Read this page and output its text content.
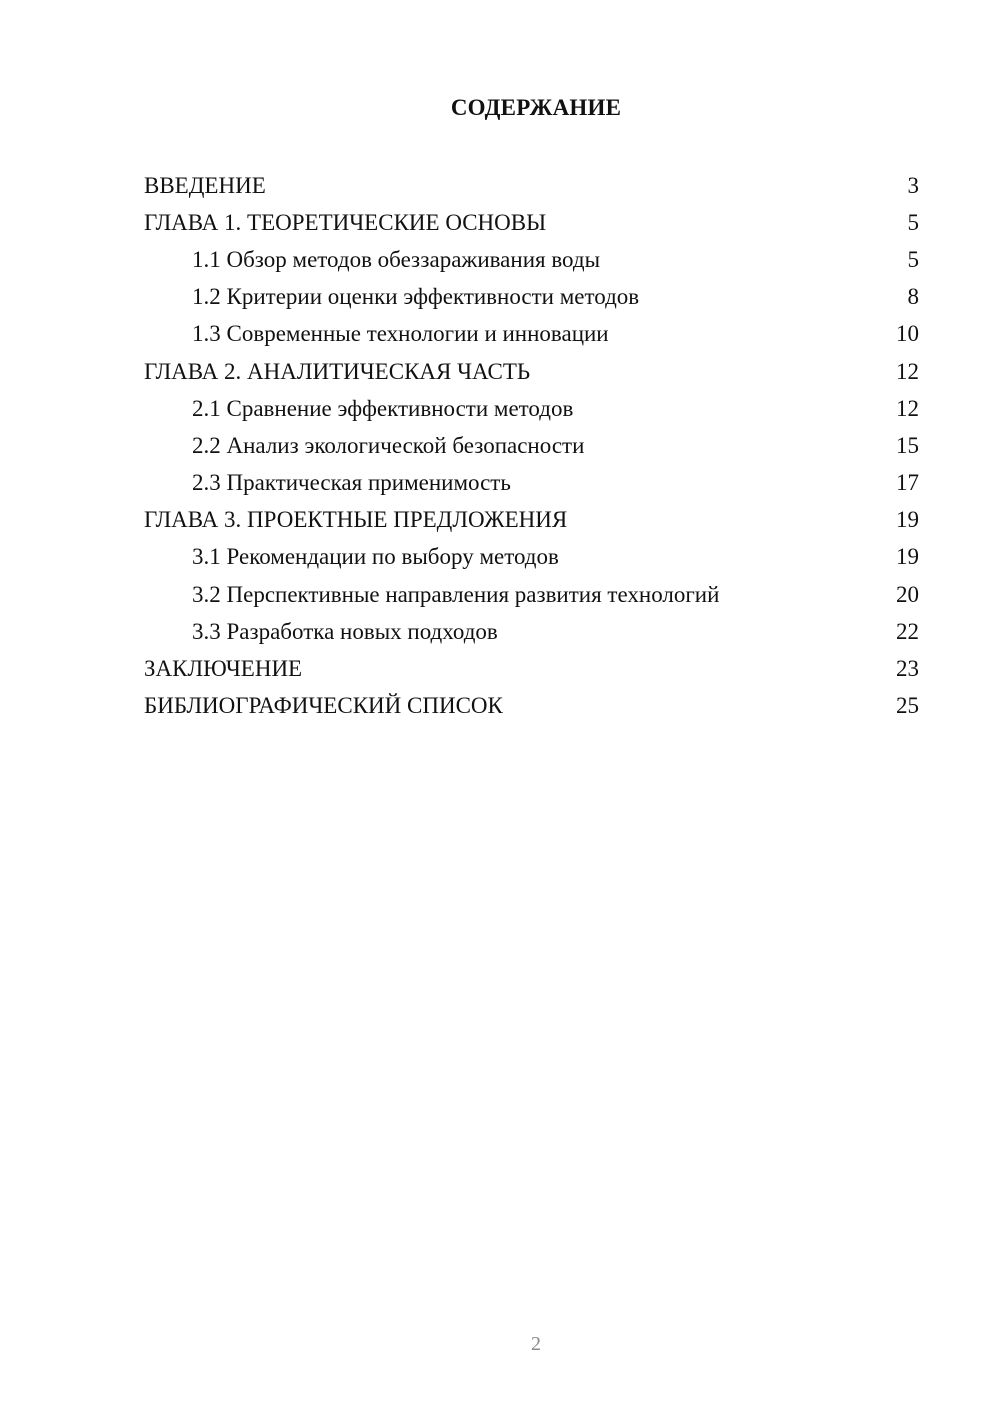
СОДЕРЖАНИЕ
ВВЕДЕНИЕ	3
ГЛАВА 1. ТЕОРЕТИЧЕСКИЕ ОСНОВЫ	5
1.1 Обзор методов обеззараживания воды	5
1.2 Критерии оценки эффективности методов	8
1.3 Современные технологии и инновации	10
ГЛАВА 2. АНАЛИТИЧЕСКАЯ ЧАСТЬ	12
2.1 Сравнение эффективности методов	12
2.2 Анализ экологической безопасности	15
2.3 Практическая применимость	17
ГЛАВА 3. ПРОЕКТНЫЕ ПРЕДЛОЖЕНИЯ	19
3.1 Рекомендации по выбору методов	19
3.2 Перспективные направления развития технологий	20
3.3 Разработка новых подходов	22
ЗАКЛЮЧЕНИЕ	23
БИБЛИОГРАФИЧЕСКИЙ СПИСОК	25
2
